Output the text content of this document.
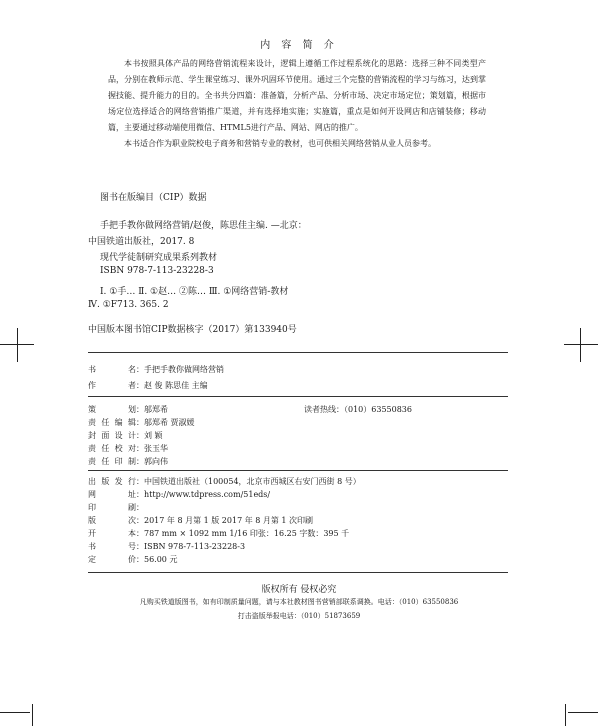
内 容 简 介

本书按照具体产品的网络营销流程来设计，逻辑上遵循工作过程系统化的思路：选择三种不同类型产品，分别在教师示范、学生课堂练习、课外巩固环节使用。通过三个完整的营销流程的学习与练习，达到掌握技能、提升能力的目的。全书共分四篇：准备篇，分析产品、分析市场、决定市场定位；策划篇，根据市场定位选择适合的网络营销推广渠道，并有选择地实施；实施篇，重点是如何开设网店和店铺装修；移动篇，主要通过移动端使用微信、HTML5进行产品、网站、网店的推广。

本书适合作为职业院校电子商务和营销专业的教材，也可供相关网络营销从业人员参考。

图书在版编目（CIP）数据
手把手教你做网络营销/赵俊，陈思佳主编. —北京：
中国铁道出版社，2017. 8
现代学徒制研究成果系列教材
ISBN 978-7-113-23228-3
Ⅰ. ①手… Ⅱ. ①赵… ②陈… Ⅲ. ①网络营销-教材
Ⅳ. ①F713. 365. 2
中国版本图书馆CIP数据核字（2017）第133940号
书 名：手把手教你做网络营销
作 者：赵 俊 陈思佳 主编
策 划：邬郑希	读者热线：（010）63550836
责任编辑：邬郑希 贾淑媛
封面设计：刘 颖
责任校对：张玉华
责任印制：郭向伟
出版发行：中国铁道出版社（100054，北京市西城区右安门西街 8 号）
网 址：http://www.tdpress.com/51eds/
印 刷：
版 次：2017 年 8 月第 1 版 2017 年 8 月第 1 次印刷
开 本：787 mm × 1092 mm 1/16 印张：16.25 字数：395 千
书 号：ISBN 978-7-113-23228-3
定 价：56.00 元
版权所有 侵权必究
凡购买铁道版图书，如有印制质量问题，请与本社教材图书营销部联系调换。电话：（010）63550836
打击盗版举报电话：（010）51873659
